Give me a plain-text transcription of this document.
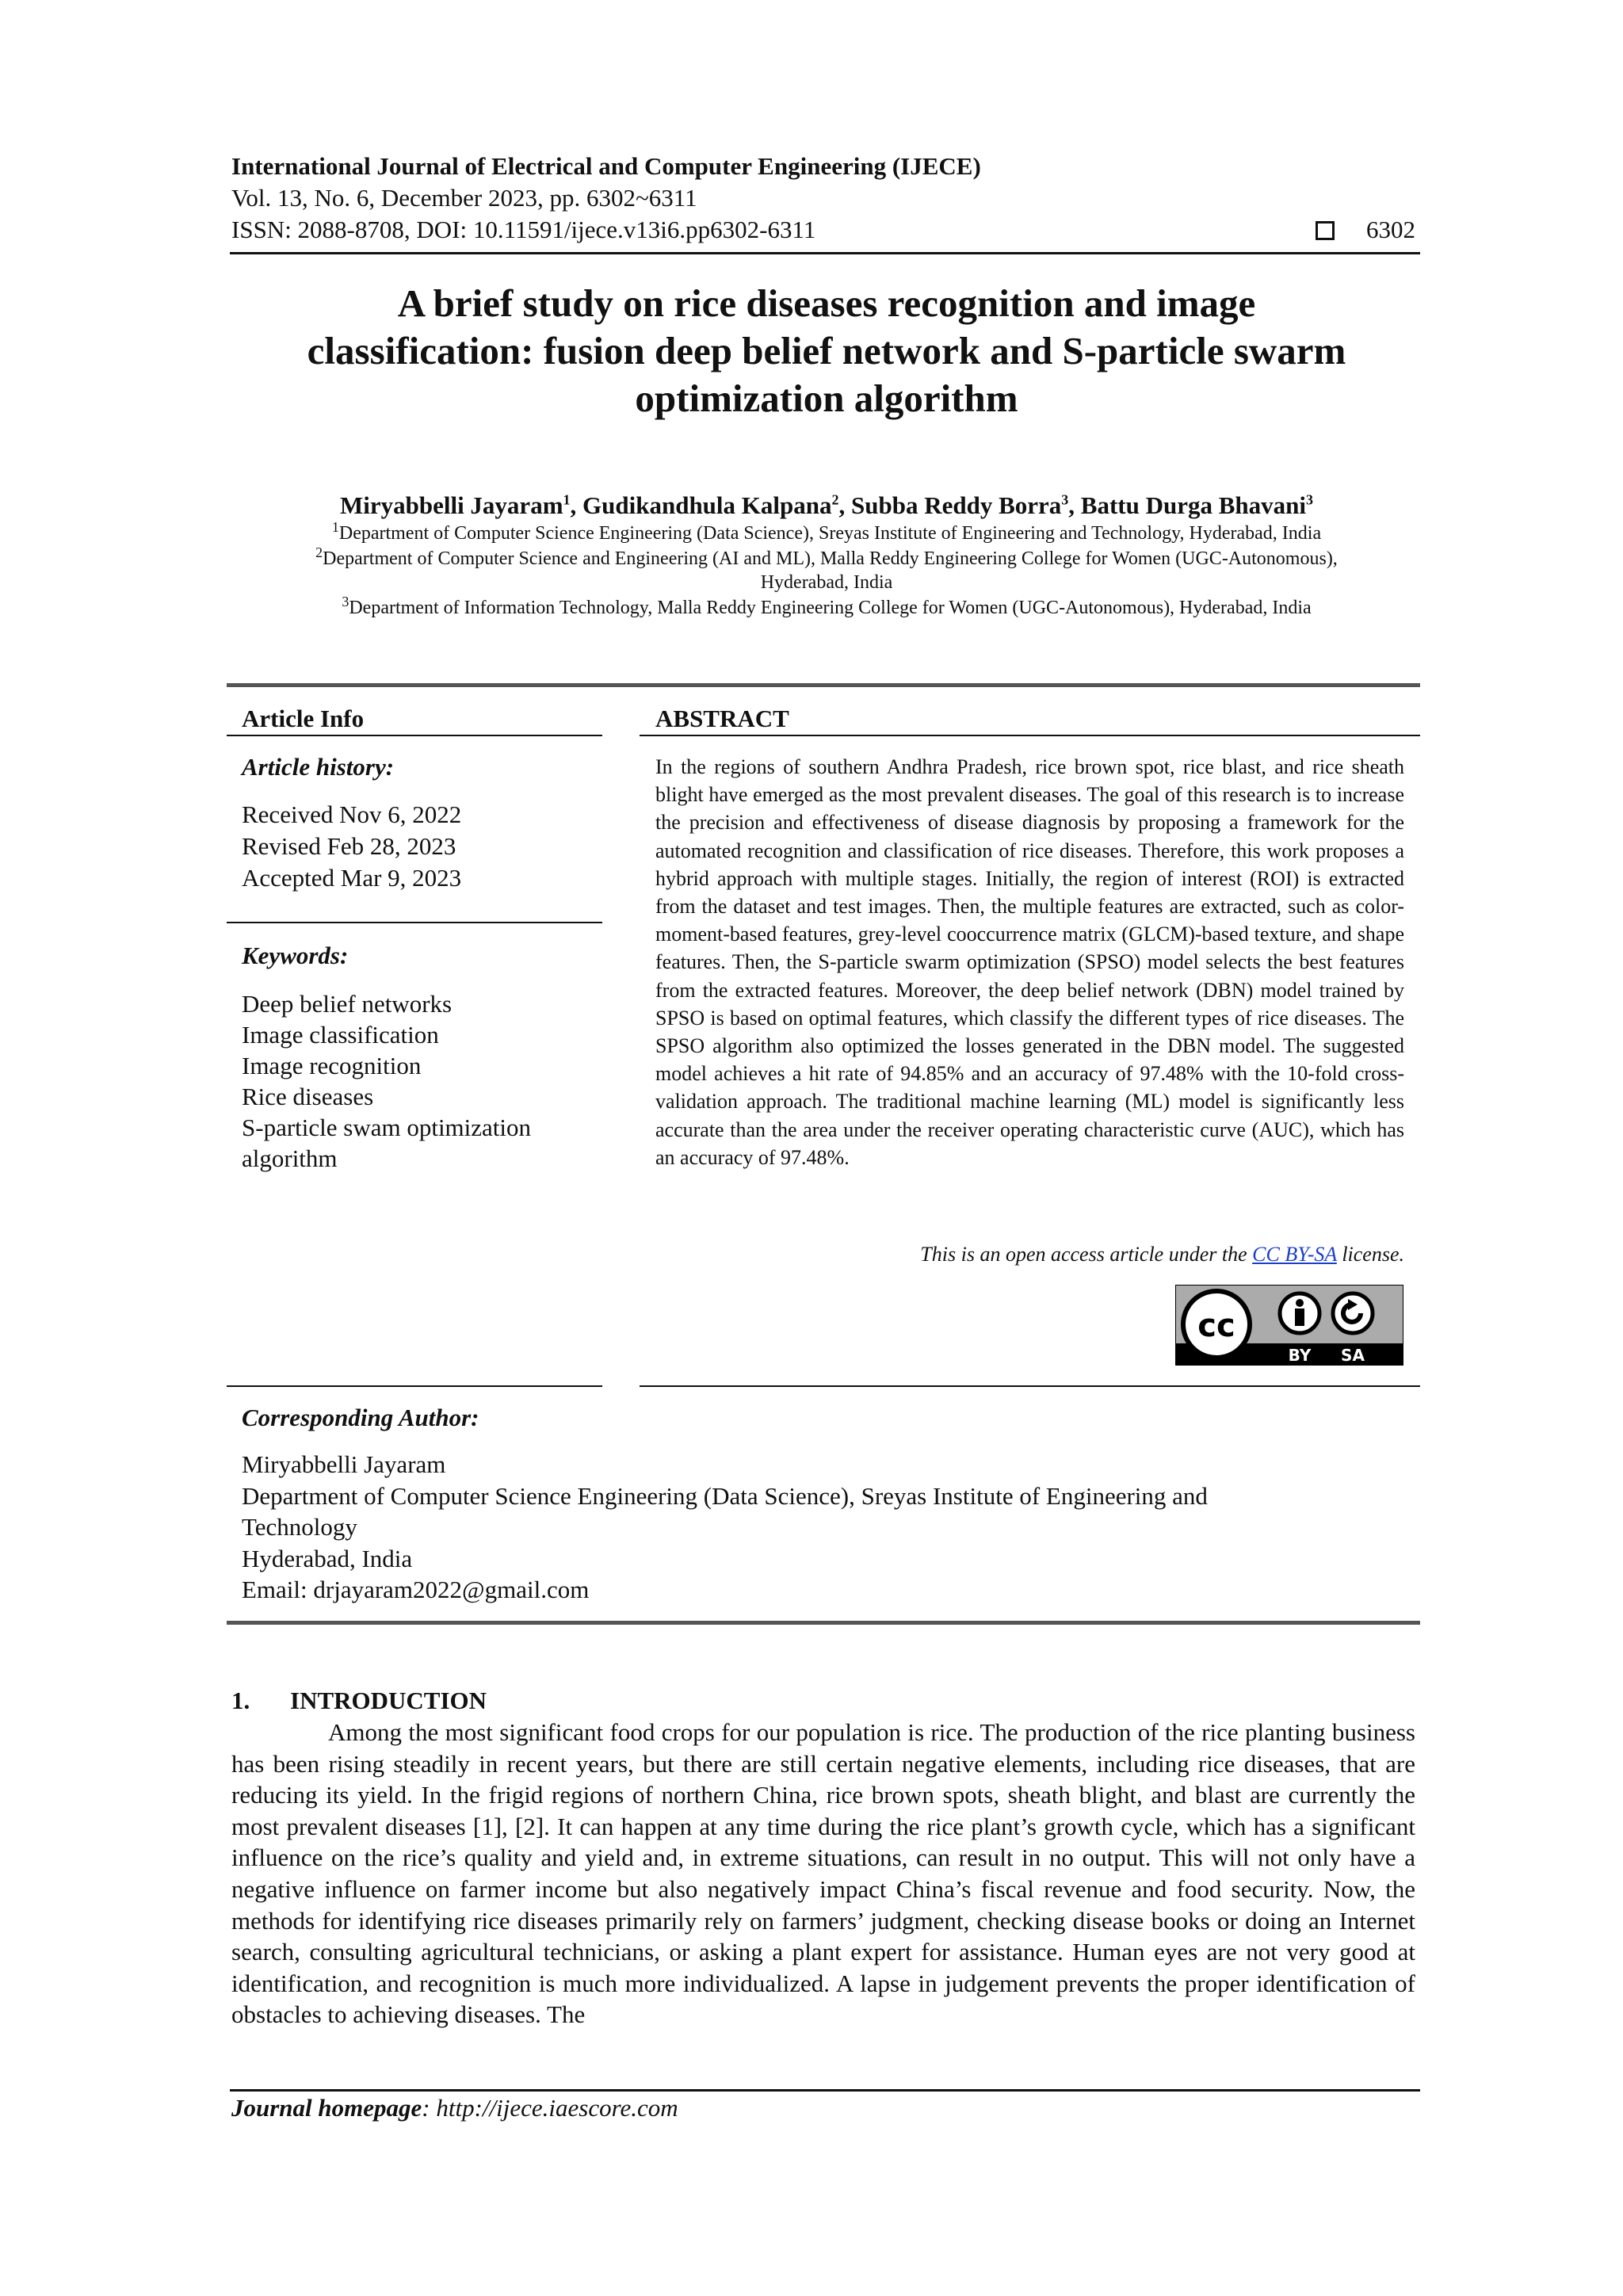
International Journal of Electrical and Computer Engineering (IJECE)
Vol. 13, No. 6, December 2023, pp. 6302~6311
ISSN: 2088-8708, DOI: 10.11591/ijece.v13i6.pp6302-6311	6302
A brief study on rice diseases recognition and image
classification: fusion deep belief network and S-particle swarm
optimization algorithm
Miryabbelli Jayaram$^1$, Gudikandhula Kalpana$^2$, Subba Reddy Borra$^3$, Battu Durga Bhavani$^3$
$^1$Department of Computer Science Engineering (Data Science), Sreyas Institute of Engineering and Technology, Hyderabad, India
$^2$Department of Computer Science and Engineering (AI and ML), Malla Reddy Engineering College for Women (UGC-Autonomous),
Hyderabad, India
$^3$Department of Information Technology, Malla Reddy Engineering College for Women (UGC-Autonomous), Hyderabad, India
Article Info
Article history:
Received Nov 6, 2022
Revised Feb 28, 2023
Accepted Mar 9, 2023
Keywords:
Deep belief networks
Image classification
Image recognition
Rice diseases
S-particle swam optimization
algorithm
ABSTRACT
In the regions of southern Andhra Pradesh, rice brown spot, rice blast, and rice sheath blight have emerged as the most prevalent diseases. The goal of this research is to increase the precision and effectiveness of disease diagnosis by proposing a framework for the automated recognition and classification of rice diseases. Therefore, this work proposes a hybrid approach with multiple stages. Initially, the region of interest (ROI) is extracted from the dataset and test images. Then, the multiple features are extracted, such as color-moment-based features, grey-level cooccurrence matrix (GLCM)-based texture, and shape features. Then, the S-particle swarm optimization (SPSO) model selects the best features from the extracted features. Moreover, the deep belief network (DBN) model trained by SPSO is based on optimal features, which classify the different types of rice diseases. The SPSO algorithm also optimized the losses generated in the DBN model. The suggested model achieves a hit rate of 94.85% and an accuracy of 97.48% with the 10-fold cross-validation approach. The traditional machine learning (ML) model is significantly less accurate than the area under the receiver operating characteristic curve (AUC), which has an accuracy of 97.48%.
This is an open access article under the CC BY-SA license.
cc
BY SA
Corresponding Author:
Miryabbelli Jayaram
Department of Computer Science Engineering (Data Science), Sreyas Institute of Engineering and
Technology
Hyderabad, India
Email: drjayaram2022@gmail.com
1. INTRODUCTION
Among the most significant food crops for our population is rice. The production of the rice planting business has been rising steadily in recent years, but there are still certain negative elements, including rice diseases, that are reducing its yield. In the frigid regions of northern China, rice brown spots, sheath blight, and blast are currently the most prevalent diseases [1], [2]. It can happen at any time during the rice plant’s growth cycle, which has a significant influence on the rice’s quality and yield and, in extreme situations, can result in no output. This will not only have a negative influence on farmer income but also negatively impact China’s fiscal revenue and food security. Now, the methods for identifying rice diseases primarily rely on farmers’ judgment, checking disease books or doing an Internet search, consulting agricultural technicians, or asking a plant expert for assistance. Human eyes are not very good at identification, and recognition is much more individualized. A lapse in judgement prevents the proper identification of obstacles to achieving diseases. The
Journal homepage: http://ijece.iaescore.com
